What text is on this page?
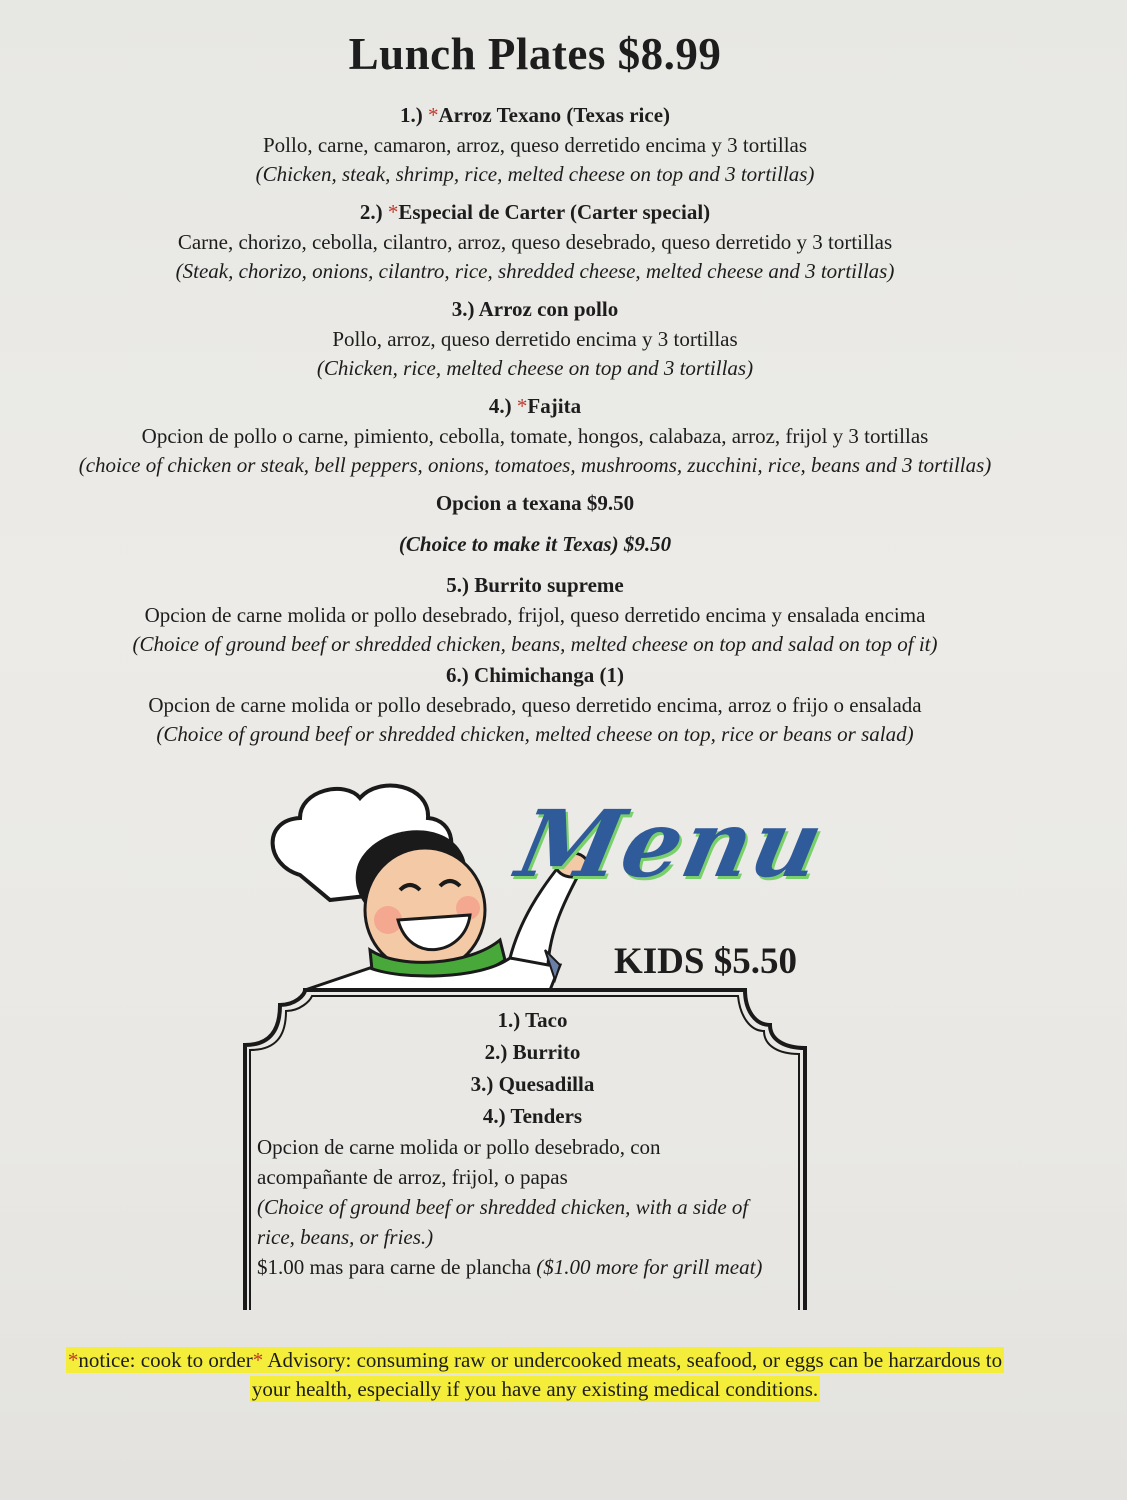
Lunch Plates $8.99
1.) *Arroz Texano (Texas rice)
Pollo, carne, camaron, arroz, queso derretido encima y 3 tortillas
(Chicken, steak, shrimp, rice, melted cheese on top and 3 tortillas)
2.) *Especial de Carter (Carter special)
Carne, chorizo, cebolla, cilantro, arroz, queso desebrado, queso derretido y 3 tortillas
(Steak, chorizo, onions, cilantro, rice, shredded cheese, melted cheese and 3 tortillas)
3.) Arroz con pollo
Pollo, arroz, queso derretido encima y 3 tortillas
(Chicken, rice, melted cheese on top and 3 tortillas)
4.) *Fajita
Opcion de pollo o carne, pimiento, cebolla, tomate, hongos, calabaza, arroz, frijol y 3 tortillas
(choice of chicken or steak, bell peppers, onions, tomatoes, mushrooms, zucchini, rice, beans and 3 tortillas)
Opcion a texana $9.50
(Choice to make it Texas) $9.50
5.) Burrito supreme
Opcion de carne molida or pollo desebrado, frijol, queso derretido encima y ensalada encima
(Choice of ground beef or shredded chicken, beans, melted cheese on top and salad on top of it)
6.) Chimichanga (1)
Opcion de carne molida or pollo desebrado, queso derretido encima, arroz o frijo o ensalada
(Choice of ground beef or shredded chicken, melted cheese on top, rice or beans or salad)
Menu
KIDS $5.50
1.) Taco
2.) Burrito
3.) Quesadilla
4.) Tenders
Opcion de carne molida or pollo desebrado, con
acompañante de arroz, frijol, o papas
(Choice of ground beef or shredded chicken, with a side of
rice, beans, or fries.)
$1.00 mas para carne de plancha ($1.00 more for grill meat)
*notice: cook to order* Advisory: consuming raw or undercooked meats, seafood, or eggs can be harzardous to
your health, especially if you have any existing medical conditions.
